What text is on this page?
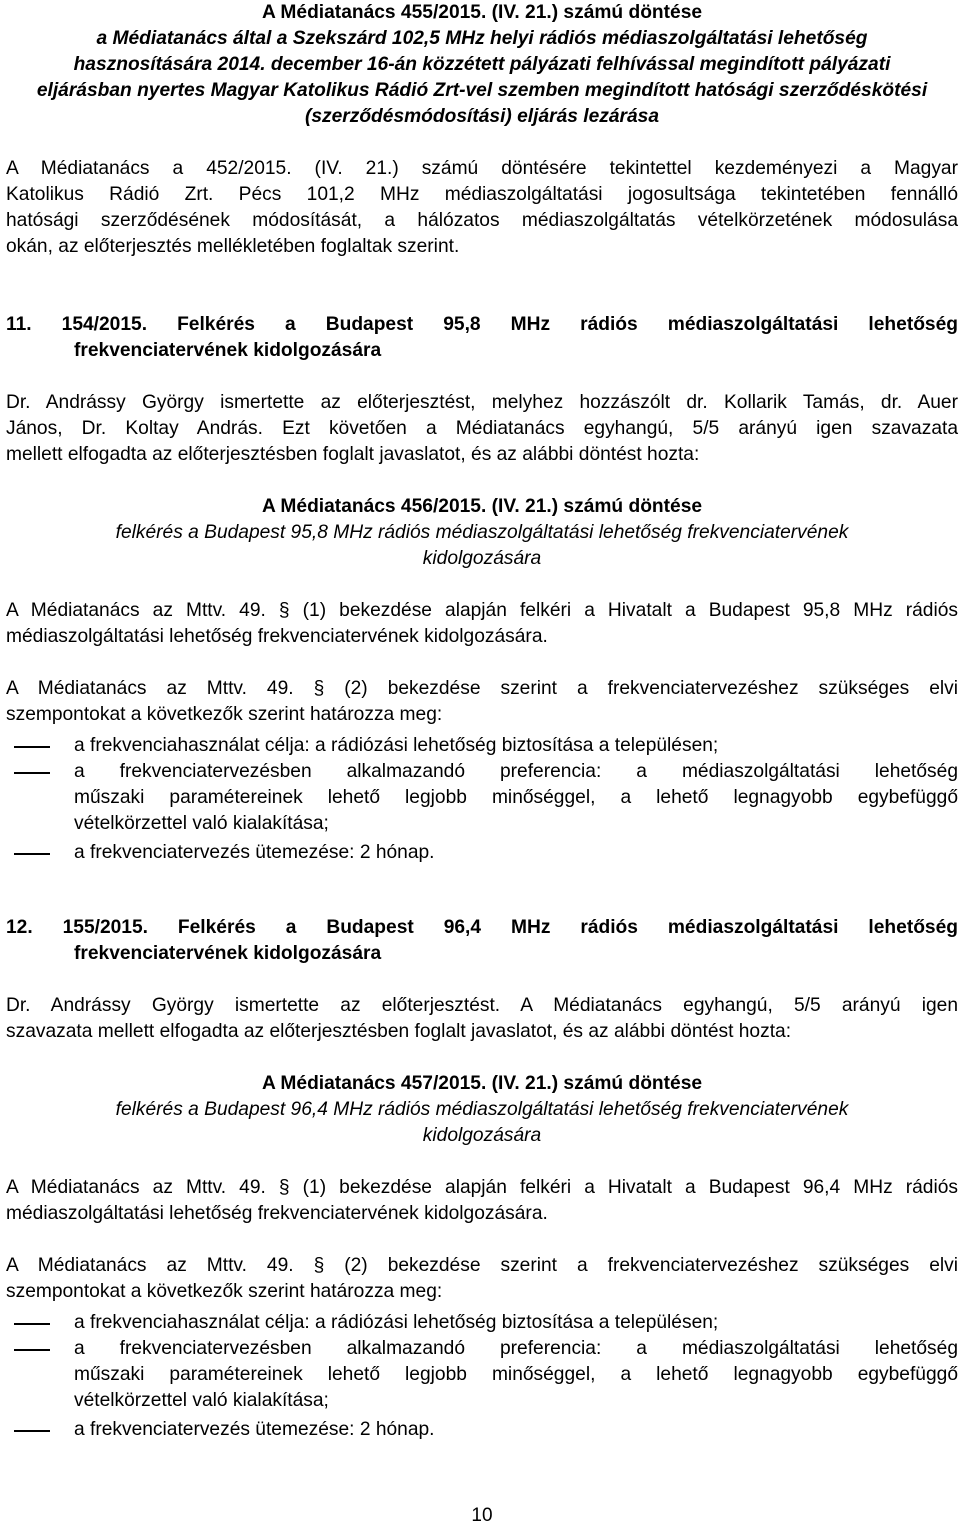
A Médiatanács 455/2015. (IV. 21.) számú döntése
a Médiatanács által a Szekszárd 102,5 MHz helyi rádiós médiaszolgáltatási lehetőség
hasznosítására 2014. december 16-án közzétett pályázati felhívással megindított pályázati
eljárásban nyertes Magyar Katolikus Rádió Zrt-vel szemben megindított hatósági szerződéskötési
(szerződésmódosítási) eljárás lezárása
A Médiatanács a 452/2015. (IV. 21.) számú döntésére tekintettel kezdeményezi a Magyar
Katolikus Rádió Zrt. Pécs 101,2 MHz médiaszolgáltatási jogosultsága tekintetében fennálló
hatósági szerződésének módosítását, a hálózatos médiaszolgáltatás vételkörzetének módosulása
okán, az előterjesztés mellékletében foglaltak szerint.
11. 154/2015. Felkérés a Budapest 95,8 MHz rádiós médiaszolgáltatási lehetőség
frekvenciatervének kidolgozására
Dr. Andrássy György ismertette az előterjesztést, melyhez hozzászólt dr. Kollarik Tamás, dr. Auer
János, Dr. Koltay András. Ezt követően a Médiatanács egyhangú, 5/5 arányú igen szavazata
mellett elfogadta az előterjesztésben foglalt javaslatot, és az alábbi döntést hozta:
A Médiatanács 456/2015. (IV. 21.) számú döntése
felkérés a Budapest 95,8 MHz rádiós médiaszolgáltatási lehetőség frekvenciatervének
kidolgozására
A Médiatanács az Mttv. 49. § (1) bekezdése alapján felkéri a Hivatalt a Budapest 95,8 MHz rádiós
médiaszolgáltatási lehetőség frekvenciatervének kidolgozására.
A Médiatanács az Mttv. 49. § (2) bekezdése szerint a frekvenciatervezéshez szükséges elvi
szempontokat a következők szerint határozza meg:
a frekvenciahasználat célja: a rádiózási lehetőség biztosítása a településen;
a frekvenciatervezésben alkalmazandó preferencia: a médiaszolgáltatási lehetőség
műszaki paramétereinek lehető legjobb minőséggel, a lehető legnagyobb egybefüggő
vételkörzettel való kialakítása;
a frekvenciatervezés ütemezése: 2 hónap.
12. 155/2015. Felkérés a Budapest 96,4 MHz rádiós médiaszolgáltatási lehetőség
frekvenciatervének kidolgozására
Dr. Andrássy György ismertette az előterjesztést. A Médiatanács egyhangú, 5/5 arányú igen
szavazata mellett elfogadta az előterjesztésben foglalt javaslatot, és az alábbi döntést hozta:
A Médiatanács 457/2015. (IV. 21.) számú döntése
felkérés a Budapest 96,4 MHz rádiós médiaszolgáltatási lehetőség frekvenciatervének
kidolgozására
A Médiatanács az Mttv. 49. § (1) bekezdése alapján felkéri a Hivatalt a Budapest 96,4 MHz rádiós
médiaszolgáltatási lehetőség frekvenciatervének kidolgozására.
A Médiatanács az Mttv. 49. § (2) bekezdése szerint a frekvenciatervezéshez szükséges elvi
szempontokat a következők szerint határozza meg:
a frekvenciahasználat célja: a rádiózási lehetőség biztosítása a településen;
a frekvenciatervezésben alkalmazandó preferencia: a médiaszolgáltatási lehetőség
műszaki paramétereinek lehető legjobb minőséggel, a lehető legnagyobb egybefüggő
vételkörzettel való kialakítása;
a frekvenciatervezés ütemezése: 2 hónap.
10
